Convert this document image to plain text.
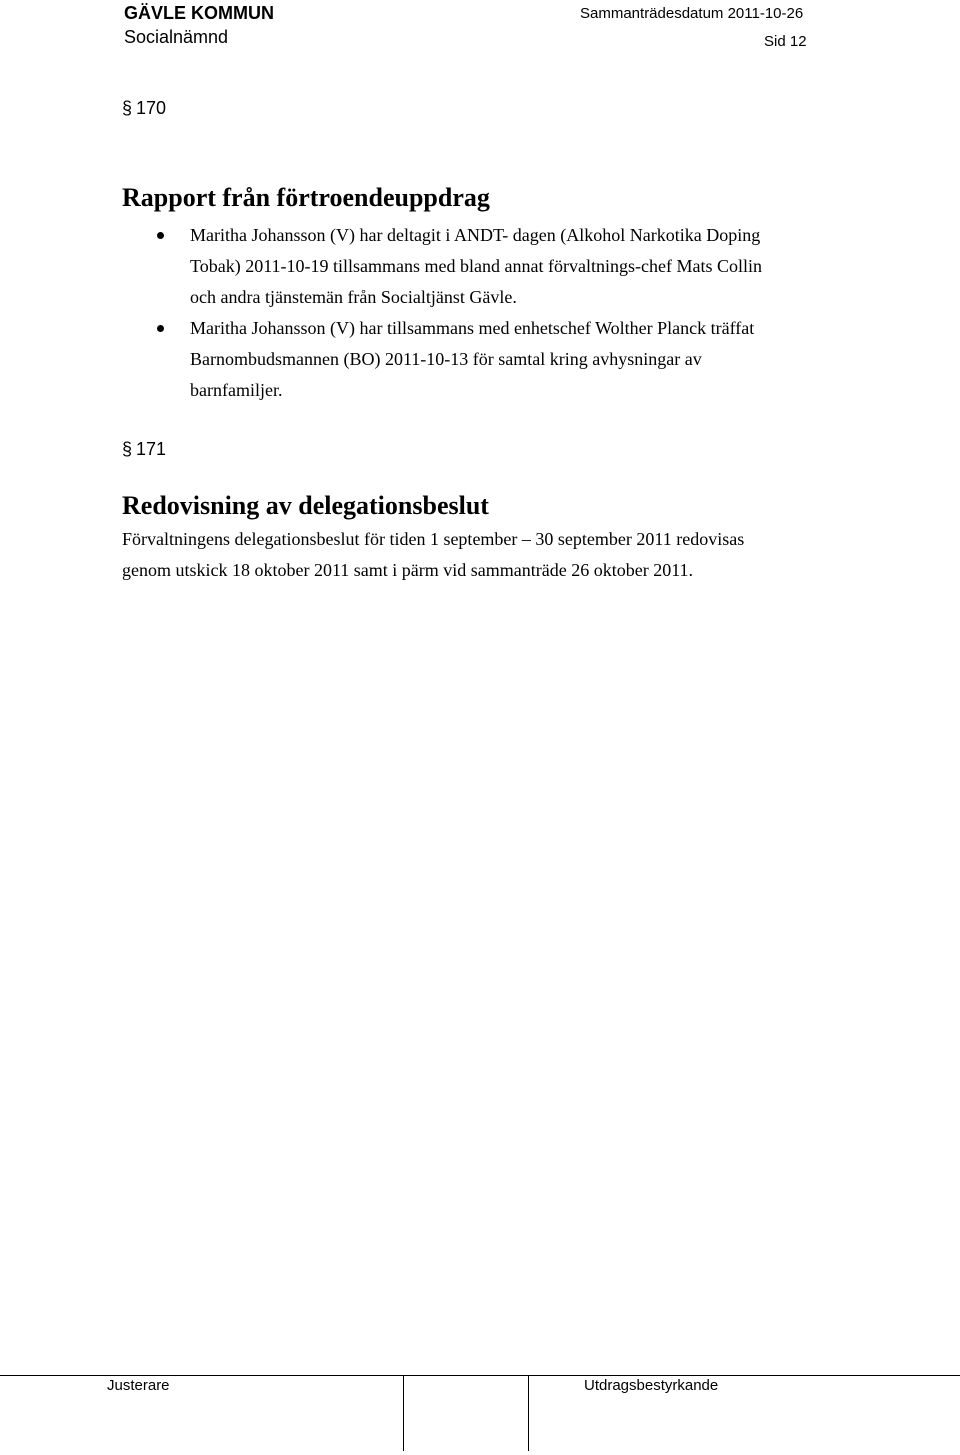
GÄVLE KOMMUN
Socialnämnd
Sammanträdesdatum 2011-10-26
Sid 12
§ 170
Rapport från förtroendeuppdrag
Maritha Johansson (V) har deltagit i ANDT- dagen (Alkohol Narkotika Doping Tobak) 2011-10-19 tillsammans med bland annat förvaltnings-chef Mats Collin och andra tjänstemän från Socialtjänst Gävle.
Maritha Johansson (V) har tillsammans med enhetschef Wolther Planck träffat Barnombudsmannen (BO) 2011-10-13 för samtal kring avhysningar av barnfamiljer.
§ 171
Redovisning av delegationsbeslut

Förvaltningens delegationsbeslut för tiden 1 september – 30 september 2011 redovisas genom utskick 18 oktober 2011 samt i pärm vid sammanträde 26 oktober 2011.

Justerare	Utdragsbestyrkande
